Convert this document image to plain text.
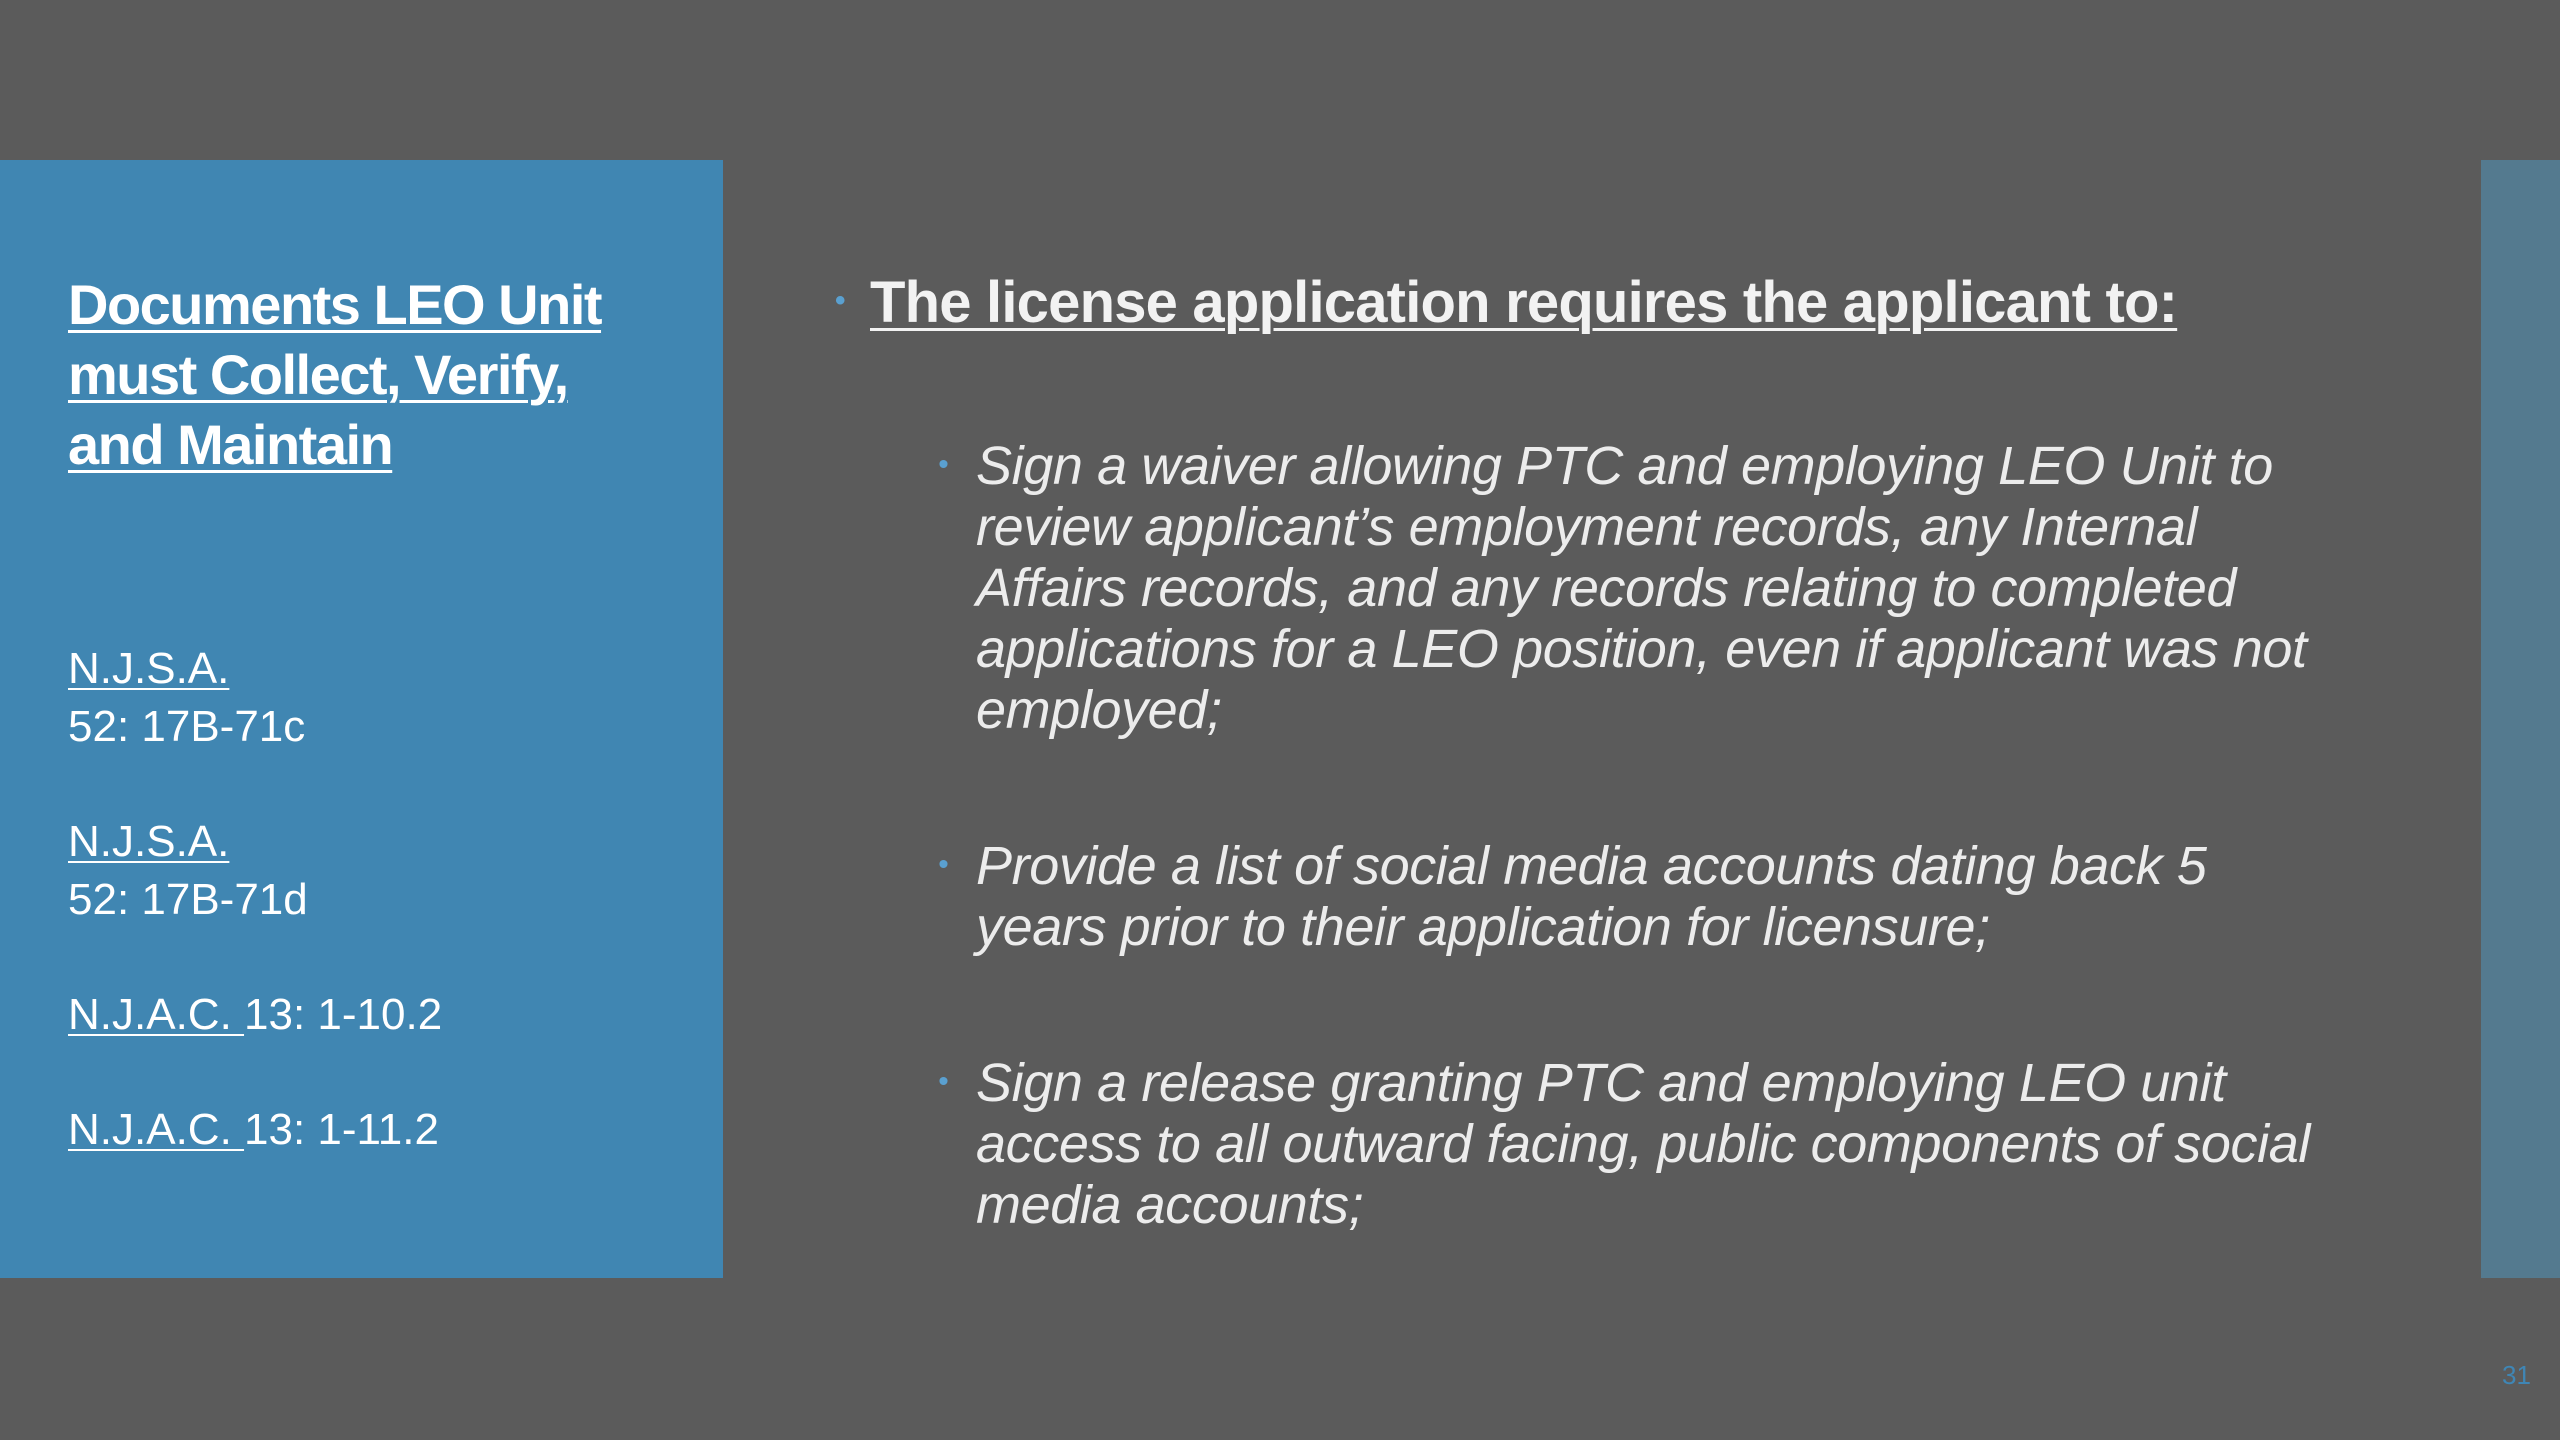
Documents LEO Unit must Collect, Verify, and Maintain
N.J.S.A.
52: 17B-71c
N.J.S.A.
52: 17B-71d
N.J.A.C. 13: 1-10.2
N.J.A.C. 13: 1-11.2
• The license application requires the applicant to:
• Sign a waiver allowing PTC and employing LEO Unit to review applicant’s employment records, any Internal Affairs records, and any records relating to completed applications for a LEO position, even if applicant was not employed;
• Provide a list of social media accounts dating back 5 years prior to their application for licensure;
• Sign a release granting PTC and employing LEO unit access to all outward facing, public components of social media accounts;
31
